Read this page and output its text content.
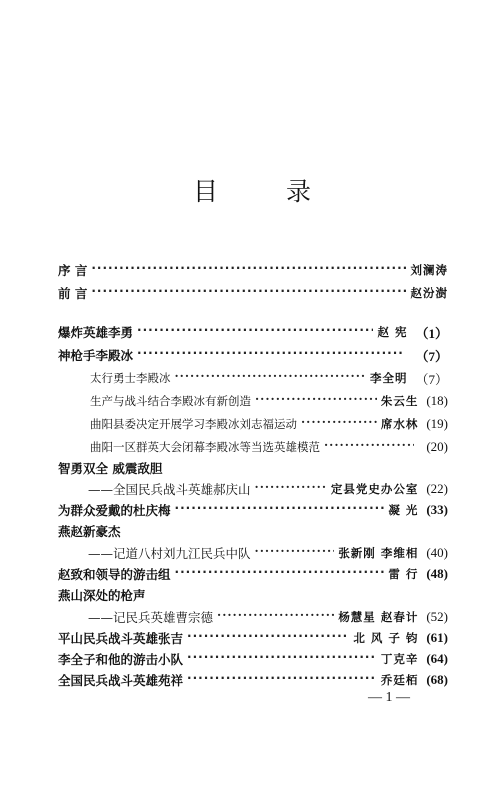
目 录
序 言 ·····	刘澜涛
前 言 ·····	赵汾澍
爆炸英雄李勇 ·····	赵 宪 （1）
神枪手李殿冰 ·····	（7）
太行勇士李殿冰 ·····	李全明 （7）
生产与战斗结合李殿冰有新创造 ·····	朱云生 (18)
曲阳县委决定开展学习李殿冰刘志福运动 ·····	席水林 (19)
曲阳一区群英大会闭幕李殿冰等当选英雄模范 ·····	(20)
智勇双全 威震敌胆
——全国民兵战斗英雄郝庆山 ·····	定县党史办公室 (22)
为群众爱戴的杜庆梅 ·····	凝 光 (33)
燕赵新豪杰
——记道八村刘九江民兵中队 ·····	张新刚 李维相 (40)
赵致和领导的游击组 ·····	雷 行 (48)
燕山深处的枪声
——记民兵英雄曹宗德 ·····	杨慧星 赵春计 (52)
平山民兵战斗英雄张吉 ·····	北 风 子 钧 (61)
李全子和他的游击小队 ·····	丁克辛 (64)
全国民兵战斗英雄苑祥 ·····	乔廷栢 (68)
— 1 —
